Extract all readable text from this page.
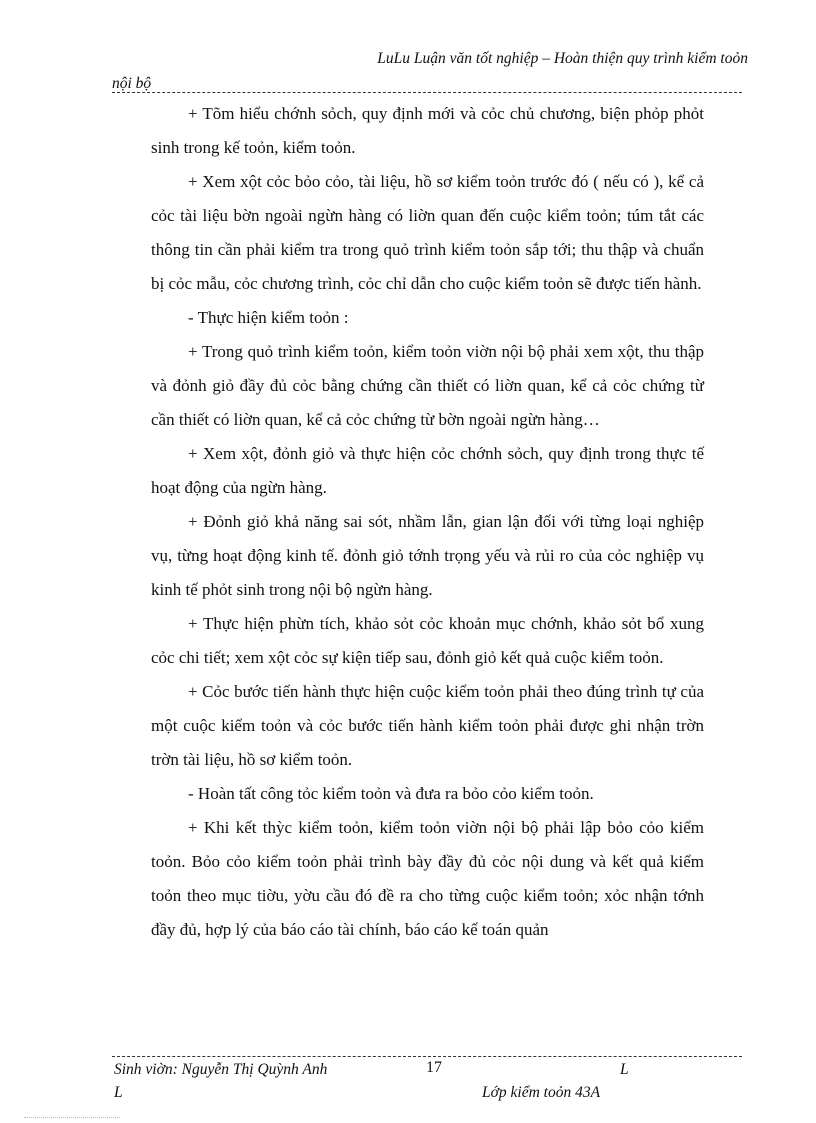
LuLu Luận văn tốt nghiệp – Hoàn thiện quy trình kiểm toỏn
nội bộ

+ Tõm hiểu chớnh sỏch, quy định mới và cỏc chủ chương, biện phỏp phỏt sinh trong kế toỏn, kiểm toỏn.

+ Xem xột cỏc bỏo cỏo, tài liệu, hồ sơ kiểm toỏn trước đó ( nếu có ), kể cả cỏc tài liệu bờn ngoài ngừn hàng có liờn quan đến cuộc kiểm toỏn; túm tắt các thông tin cần phải kiểm tra trong quỏ trình kiểm toỏn sắp tới; thu thập và chuẩn bị cỏc mẫu, cỏc chương trình, cỏc chỉ dẫn cho cuộc kiểm toỏn sẽ được tiến hành.

- Thực hiện kiểm toỏn :

+ Trong quỏ trình kiểm toỏn, kiểm toỏn viờn nội bộ phải xem xột, thu thập và đỏnh giỏ đầy đủ cỏc bằng chứng cần thiết có liờn quan, kể cả cỏc chứng từ cần thiết có liờn quan, kể cả cỏc chứng từ bờn ngoài ngừn hàng…

+ Xem xột, đỏnh giỏ và thực hiện cỏc chớnh sỏch, quy định trong thực tế hoạt động của ngừn hàng.

+ Đỏnh giỏ khả năng sai sót, nhầm lẫn, gian lận đối với từng loại nghiệp vụ, từng hoạt động kinh tế. đỏnh giỏ tớnh trọng yếu và rủi ro của cỏc nghiệp vụ kinh tế phỏt sinh trong nội bộ ngừn hàng.

+ Thực hiện phừn tích, khảo sỏt cỏc khoản mục chớnh, khảo sỏt bổ xung cỏc chi tiết; xem xột cỏc sự kiện tiếp sau, đỏnh giỏ kết quả cuộc kiểm toỏn.

+ Cỏc bước tiến hành thực hiện cuộc kiểm toỏn phải theo đúng trình tự của một cuộc kiểm toỏn và cỏc bước tiến hành kiểm toỏn phải được ghi nhận trờn trờn tài liệu, hồ sơ kiểm toỏn.

- Hoàn tất công tỏc kiểm toỏn và đưa ra bỏo cỏo kiểm toỏn.

+ Khi kết thỳc kiểm toỏn, kiểm toỏn viờn nội bộ phải lập bỏo cỏo kiểm toỏn. Bỏo cỏo kiểm toỏn phải trình bày đầy đủ cỏc nội dung và kết quả kiểm toỏn theo mục tiờu, yờu cầu đó đề ra cho từng cuộc kiểm toỏn; xỏc nhận tớnh đầy đủ, hợp lý của báo cáo tài chính, báo cáo kế toán quản

Sinh viờn: Nguyễn Thị Quỳnh Anh	17	L
L	Lớp kiểm toỏn 43A
